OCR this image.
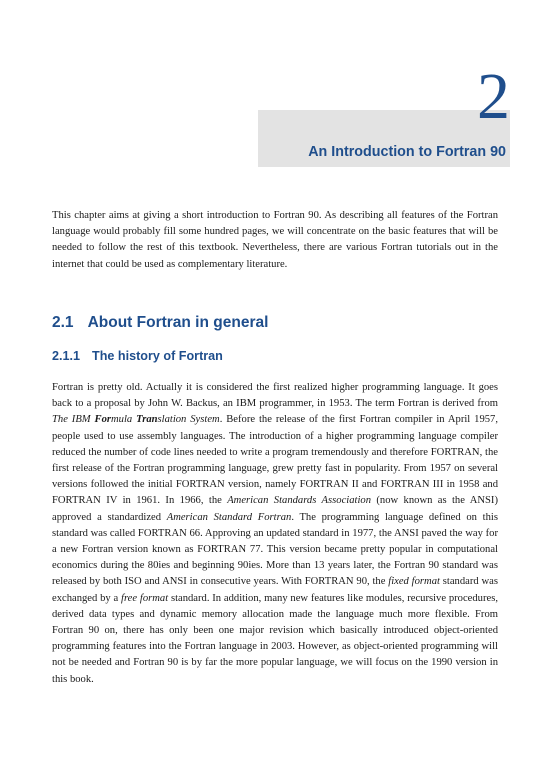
2
An Introduction to Fortran 90

This chapter aims at giving a short introduction to Fortran 90. As describing all features of the Fortran language would probably fill some hundred pages, we will concentrate on the basic features that will be needed to follow the rest of this textbook. Nevertheless, there are various Fortran tutorials out in the internet that could be used as complementary literature.

2.1 About Fortran in general
2.1.1 The history of Fortran

Fortran is pretty old. Actually it is considered the first realized higher programming language. It goes back to a proposal by John W. Backus, an IBM programmer, in 1953. The term Fortran is derived from The IBM Formula Translation System. Before the release of the first Fortran compiler in April 1957, people used to use assembly languages. The introduction of a higher programming language compiler reduced the number of code lines needed to write a program tremendously and therefore FORTRAN, the first release of the Fortran programming language, grew pretty fast in popularity. From 1957 on several versions followed the initial FORTRAN version, namely FORTRAN II and FORTRAN III in 1958 and FORTRAN IV in 1961. In 1966, the American Standards Association (now known as the ANSI) approved a standardized American Standard Fortran. The programming language defined on this standard was called FORTRAN 66. Approving an updated standard in 1977, the ANSI paved the way for a new Fortran version known as FORTRAN 77. This version became pretty popular in computational economics during the 80ies and beginning 90ies. More than 13 years later, the Fortran 90 standard was released by both ISO and ANSI in consecutive years. With FORTRAN 90, the fixed format standard was exchanged by a free format standard. In addition, many new features like modules, recursive procedures, derived data types and dynamic memory allocation made the language much more flexible. From Fortran 90 on, there has only been one major revision which basically introduced object-oriented programming features into the Fortran language in 2003. However, as object-oriented programming will not be needed and Fortran 90 is by far the more popular language, we will focus on the 1990 version in this book.
